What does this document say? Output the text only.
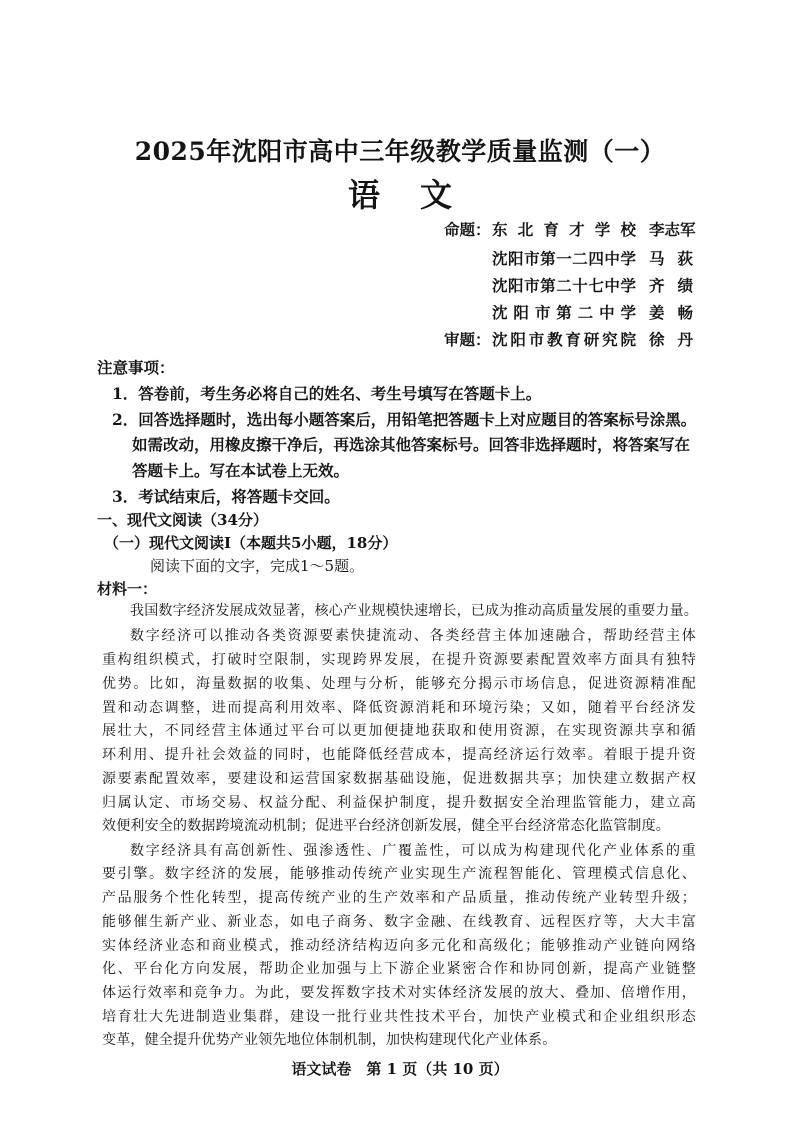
2025年沈阳市高中三年级教学质量监测（一）
语文
命题： 东北育才学校 李志军
沈阳市第一二四中学 马荻
沈阳市第二十七中学 齐绩
沈阳市第二中学 姜畅
审题： 沈阳市教育研究院 徐丹
注意事项：
1．答卷前，考生务必将自己的姓名、考生号填写在答题卡上。
2．回答选择题时，选出每小题答案后，用铅笔把答题卡上对应题目的答案标号涂黑。
如需改动，用橡皮擦干净后，再选涂其他答案标号。回答非选择题时，将答案写在
答题卡上。写在本试卷上无效。
3．考试结束后，将答题卡交回。
一、现代文阅读（34分）
（一）现代文阅读Ⅰ（本题共5小题，18分）
阅读下面的文字，完成1～5题。
材料一：
我国数字经济发展成效显著，核心产业规模快速增长，已成为推动高质量发展的重要力量。
数字经济可以推动各类资源要素快捷流动、各类经营主体加速融合，帮助经营主体
重构组织模式，打破时空限制，实现跨界发展，在提升资源要素配置效率方面具有独特
优势。比如，海量数据的收集、处理与分析，能够充分揭示市场信息，促进资源精准配
置和动态调整，进而提高利用效率、降低资源消耗和环境污染；又如，随着平台经济发
展壮大，不同经营主体通过平台可以更加便捷地获取和使用资源，在实现资源共享和循
环利用、提升社会效益的同时，也能降低经营成本，提高经济运行效率。着眼于提升资
源要素配置效率，要建设和运营国家数据基础设施，促进数据共享；加快建立数据产权
归属认定、市场交易、权益分配、利益保护制度，提升数据安全治理监管能力，建立高
效便利安全的数据跨境流动机制；促进平台经济创新发展，健全平台经济常态化监管制度。
数字经济具有高创新性、强渗透性、广覆盖性，可以成为构建现代化产业体系的重
要引擎。数字经济的发展，能够推动传统产业实现生产流程智能化、管理模式信息化、
产品服务个性化转型，提高传统产业的生产效率和产品质量，推动传统产业转型升级；
能够催生新产业、新业态，如电子商务、数字金融、在线教育、远程医疗等，大大丰富
实体经济业态和商业模式，推动经济结构迈向多元化和高级化；能够推动产业链向网络
化、平台化方向发展，帮助企业加强与上下游企业紧密合作和协同创新，提高产业链整
体运行效率和竞争力。为此，要发挥数字技术对实体经济发展的放大、叠加、倍增作用，
培育壮大先进制造业集群，建设一批行业共性技术平台，加快产业模式和企业组织形态
变革，健全提升优势产业领先地位体制机制，加快构建现代化产业体系。
语文试卷　第 1 页（共 10 页）
